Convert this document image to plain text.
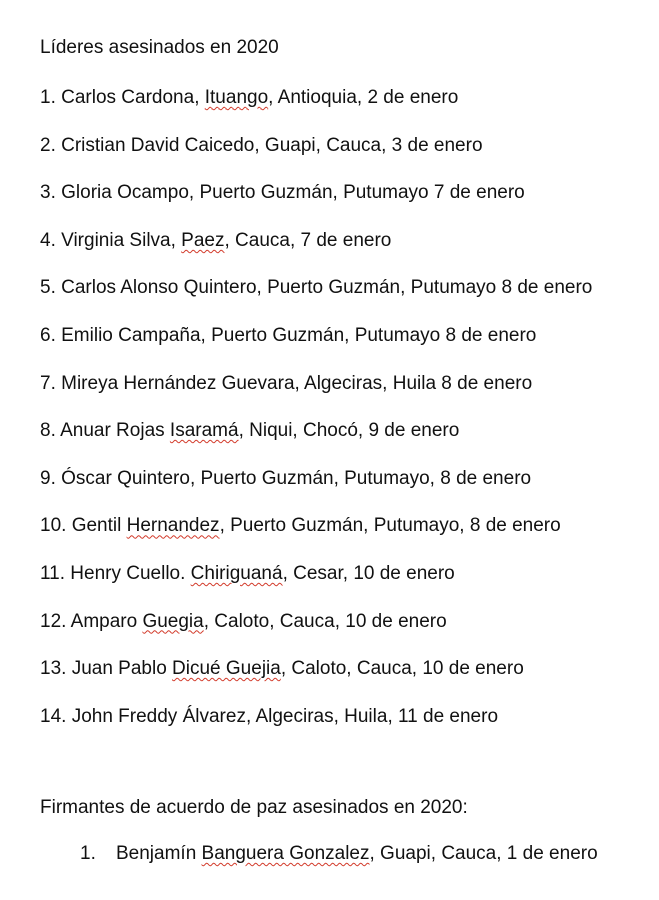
Líderes asesinados en 2020
1. Carlos Cardona, Ituango, Antioquia, 2 de enero
2. Cristian David Caicedo, Guapi, Cauca, 3 de enero
3. Gloria Ocampo, Puerto Guzmán, Putumayo 7 de enero
4. Virginia Silva, Paez, Cauca, 7 de enero
5. Carlos Alonso Quintero, Puerto Guzmán, Putumayo 8 de enero
6. Emilio Campaña, Puerto Guzmán, Putumayo 8 de enero
7. Mireya Hernández Guevara, Algeciras, Huila 8 de enero
8. Anuar Rojas Isaramá, Niqui, Chocó, 9 de enero
9. Óscar Quintero, Puerto Guzmán, Putumayo, 8 de enero
10. Gentil Hernandez, Puerto Guzmán, Putumayo, 8 de enero
11. Henry Cuello. Chiriguaná, Cesar, 10 de enero
12. Amparo Guegia, Caloto, Cauca, 10 de enero
13. Juan Pablo Dicué Guejia, Caloto, Cauca, 10 de enero
14. John Freddy Álvarez, Algeciras, Huila, 11 de enero
Firmantes de acuerdo de paz asesinados en 2020:
1. Benjamín Banguera Gonzalez, Guapi, Cauca, 1 de enero
